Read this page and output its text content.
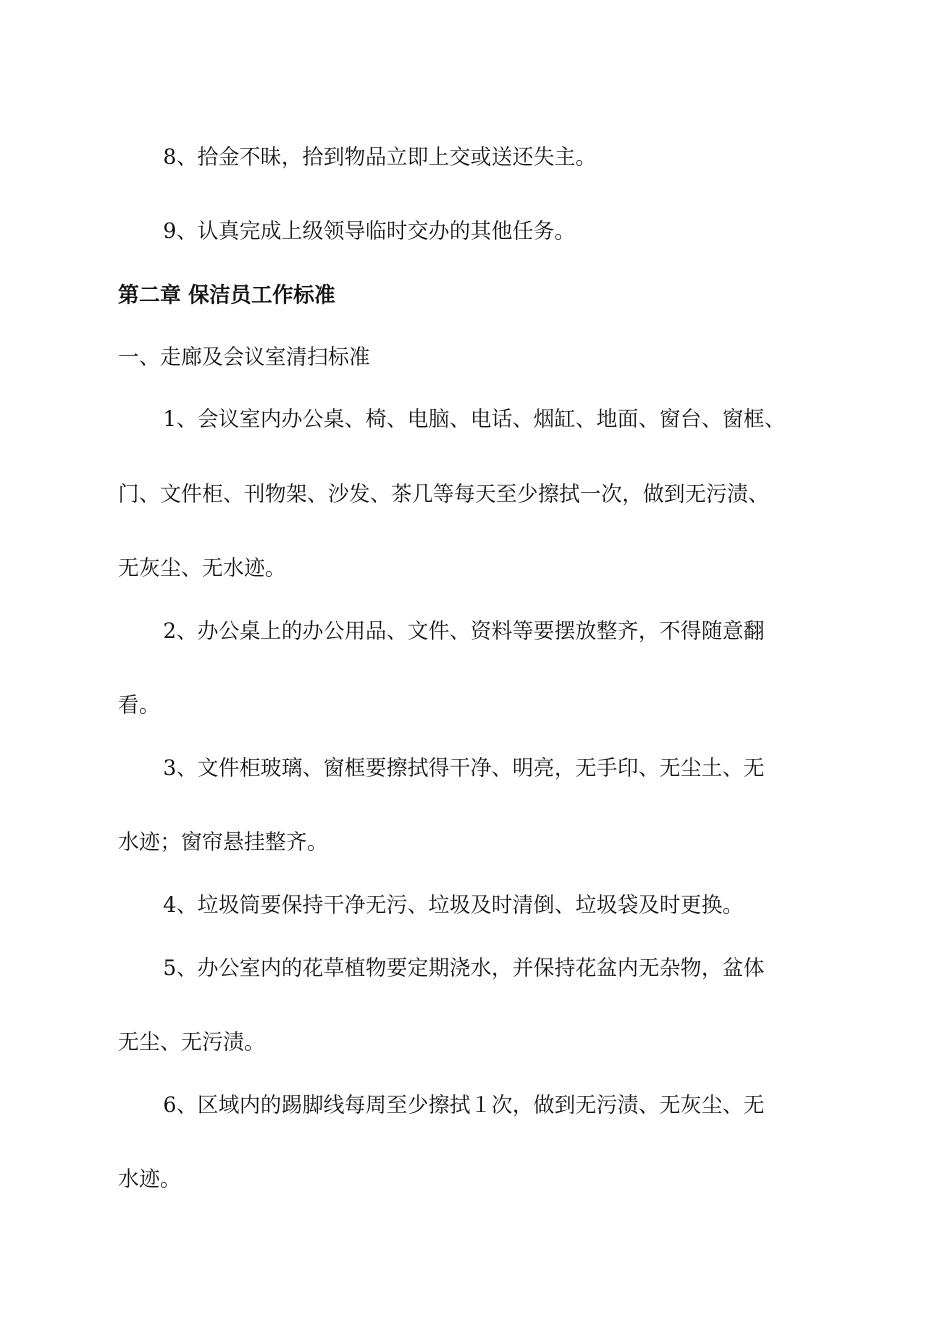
8、拾金不昧，拾到物品立即上交或送还失主。
9、认真完成上级领导临时交办的其他任务。
第二章 保洁员工作标准
一、走廊及会议室清扫标准
1、会议室内办公桌、椅、电脑、电话、烟缸、地面、窗台、窗框、
门、文件柜、刊物架、沙发、茶几等每天至少擦拭一次，做到无污渍、
无灰尘、无水迹。
2、办公桌上的办公用品、文件、资料等要摆放整齐，不得随意翻
看。
3、文件柜玻璃、窗框要擦拭得干净、明亮，无手印、无尘土、无
水迹；窗帘悬挂整齐。
4、垃圾筒要保持干净无污、垃圾及时清倒、垃圾袋及时更换。
5、办公室内的花草植物要定期浇水，并保持花盆内无杂物，盆体
无尘、无污渍。
6、区域内的踢脚线每周至少擦拭１次，做到无污渍、无灰尘、无
水迹。
